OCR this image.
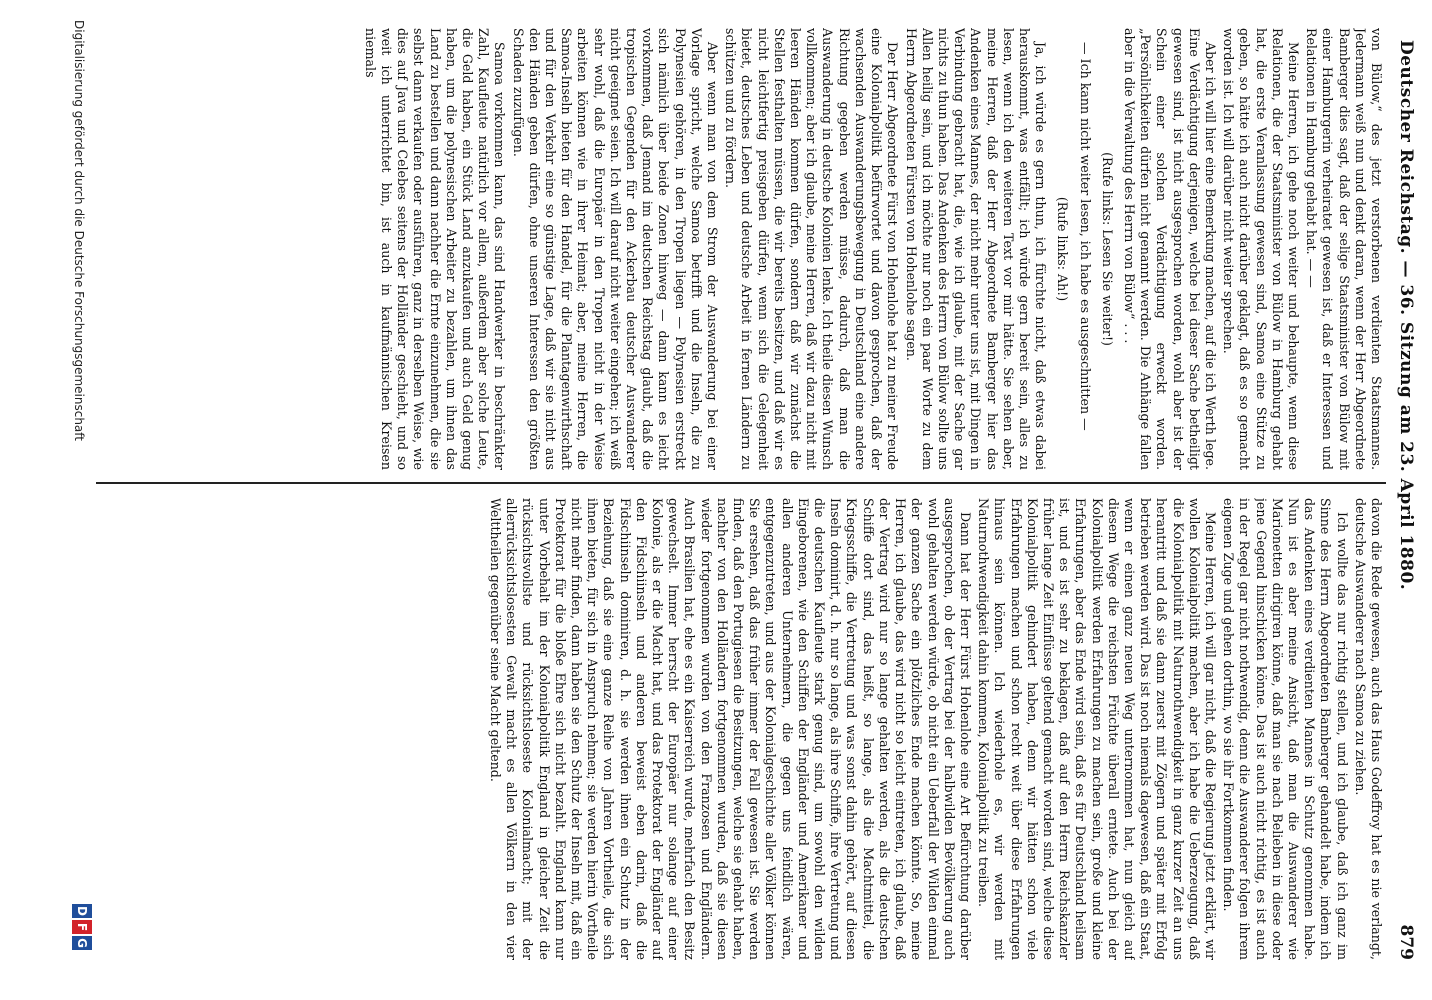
Deutscher Reichstag. — 36. Sitzung am 23. April 1880.
879

von Bülow,“ des jetzt verstorbenen verdienten Staatsmannes. Jedermann weiß nun und denkt daran, wenn der Herr Abgeordnete Bamberger dies sagt, daß der selige Staatsminister von Bülow mit einer Hamburgerin verheiratet gewesen ist, daß er Interessen und Relationen in Hamburg gehabt hat. — —

Meine Herren, ich gehe noch weiter und behaupte, wenn diese Relationen, die der Staatsminister von Bülow in Hamburg gehabt hat, die erste Veranlassung gewesen sind, Samoa eine Stütze zu geben, so hätte ich auch nicht darüber geklagt, daß es so gemacht worden ist. Ich will darüber nicht weiter sprechen.

Aber ich will hier eine Bemerkung machen, auf die ich Werth lege. Eine Verdächtigung derjenigen, welche bei dieser Sache betheiligt gewesen sind, ist nicht ausgesprochen worden, wohl aber ist der Schein einer solchen Verdächtigung erweckt worden. „Persönlichkeiten dürfen nicht genannt werden. Die Anhänge fallen aber in die Verwaltung des Herrn von Bülow“ . . .

(Rufe links: Lesen Sie weiter!)

— Ich kann nicht weiter lesen, ich habe es ausgeschnitten —

(Rufe links: Ah!)

Ja, ich würde es gern thun, ich fürchte nicht, daß etwas dabei herauskommt, was entfällt; ich würde gern bereit sein, alles zu lesen, wenn ich den weiteren Text vor mir hätte. Sie sehen aber, meine Herren, daß der Herr Abgeordnete Bamberger hier das Andenken eines Mannes, der nicht mehr unter uns ist, mit Dingen in Verbindung gebracht hat, die, wie ich glaube, mit der Sache gar nichts zu thun haben. Das Andenken des Herrn von Bülow sollte uns Allen heilig sein, und ich möchte nur noch ein paar Worte zu dem Herrn Abgeordneten Fürsten von Hohenlohe sagen.

Der Herr Abgeordnete Fürst von Hohenlohe hat zu meiner Freude eine Kolonialpolitik befürwortet und davon gesprochen, daß der wachsenden Auswanderungsbewegung in Deutschland eine andere Richtung gegeben werden müsse, dadurch, daß man die Auswanderung in deutsche Kolonien lenke. Ich theile diesen Wunsch vollkommen; aber ich glaube, meine Herren, daß wir dazu nicht mit leeren Händen kommen dürfen, sondern daß wir zunächst die Stellen festhalten müssen, die wir bereits besitzen, und daß wir es nicht leichtfertig preisgeben dürfen, wenn sich die Gelegenheit bietet, deutsches Leben und deutsche Arbeit in fernen Ländern zu schützen und zu fördern.

Aber wenn man von dem Strom der Auswanderung bei einer Vorlage spricht, welche Samoa betrifft und die Inseln, die zu Polynesien gehören, in den Tropen liegen — Polynesien erstreckt sich nämlich über beide Zonen hinweg — dann kann es leicht vorkommen, daß Jemand im deutschen Reichstag glaubt, daß die tropischen Gegenden für den Ackerbau deutscher Auswanderer nicht geeignet seien. Ich will darauf nicht weiter eingehen; ich weiß sehr wohl, daß die Europäer in den Tropen nicht in der Weise arbeiten können wie in ihrer Heimat; aber, meine Herren, die Samoa-Inseln bieten für den Handel, für die Plantagenwirthschaft und für den Verkehr eine so günstige Lage, daß wir sie nicht aus den Händen geben dürfen, ohne unseren Interessen den größten Schaden zuzufügen.

Samoa vorkommen kann, das sind Handwerker in beschränkter Zahl, Kaufleute natürlich vor allem, außerdem aber solche Leute, die Geld haben, ein Stück Land anzukaufen und auch Geld genug haben, um die polynesischen Arbeiter zu bezahlen, um ihnen das Land zu bestellen und dann nachher die Ernte einzunehmen, die sie selbst dann verkaufen oder ausführen, ganz in derselben Weise, wie dies auf Java und Celebes seitens der Holländer geschieht, und so weit ich unterrichtet bin, ist auch in kaufmännischen Kreisen niemals

davon die Rede gewesen, auch das Haus Godeffroy hat es nie verlangt, deutsche Auswanderer nach Samoa zu ziehen.

Ich wollte das nur richtig stellen, und ich glaube, daß ich ganz im Sinne des Herrn Abgeordneten Bamberger gehandelt habe, indem ich das Andenken eines verdienten Mannes in Schutz genommen habe. Nun ist es aber meine Ansicht, daß man die Auswanderer wie Marionetten dirigiren könne, daß man sie nach Belieben in diese oder jene Gegend hinschicken könne. Das ist auch nicht richtig, es ist auch in der Regel gar nicht nothwendig, denn die Auswanderer folgen ihrem eigenen Zuge und gehen dorthin, wo sie ihr Fortkommen finden.

Meine Herren, ich will gar nicht, daß die Regierung jetzt erklärt, wir wollen Kolonialpolitik machen, aber ich habe die Ueberzeugung, daß die Kolonialpolitik mit Naturnothwendigkeit in ganz kurzer Zeit an uns herantritt und daß sie dann zuerst mit Zögern und später mit Erfolg betrieben werden wird. Das ist noch niemals dagewesen, daß ein Staat, wenn er einen ganz neuen Weg unternommen hat, nun gleich auf diesem Wege die reichsten Früchte überall erntete. Auch bei der Kolonialpolitik werden Erfahrungen zu machen sein, große und kleine Erfahrungen, aber das Ende wird sein, daß es für Deutschland heilsam ist, und es ist sehr zu beklagen, daß auf den Herrn Reichskanzler früher lange Zeit Einflüsse geltend gemacht worden sind, welche diese Kolonialpolitik gehindert haben, denn wir hätten schon viele Erfahrungen machen und schon recht weit über diese Erfahrungen hinaus sein können. Ich wiederhole es, wir werden mit Naturnothwendigkeit dahin kommen, Kolonialpolitik zu treiben.

Dann hat der Herr Fürst Hohenlohe eine Art Befürchtung darüber ausgesprochen, ob der Vertrag bei der halbwilden Bevölkerung auch wohl gehalten werden würde, ob nicht ein Ueberfall der Wilden einmal der ganzen Sache ein plötzliches Ende machen könnte. So, meine Herren, ich glaube, das wird nicht so leicht eintreten, ich glaube, daß der Vertrag wird nur so lange gehalten werden, als die deutschen Schiffe dort sind, das heißt, so lange, als die Machtmittel, die Kriegsschiffe, die Vertretung und was sonst dahin gehört, auf diesen Inseln dominirt, d. h. nur so lange, als ihre Schiffe, ihre Vertretung und die deutschen Kaufleute stark genug sind, um sowohl den wilden Eingeborenen, wie den Schiffen der Engländer und Amerikaner und allen anderen Unternehmern, die gegen uns feindlich wären, entgegenzutreten, und aus der Kolonialgeschichte aller Völker können Sie ersehen, daß das früher immer der Fall gewesen ist. Sie werden finden, daß den Portugiesen die Besitzungen, welche sie gehabt haben, nachher von den Holländern fortgenommen wurden, daß sie diesen wieder fortgenommen wurden von den Franzosen und Engländern. Auch Brasilien hat, ehe es ein Kaiserreich wurde, mehrfach den Besitz gewechselt. Immer herrscht der Europäer nur solange auf einer Kolonie, als er die Macht hat, und das Protektorat der Engländer auf den Fidschiinseln und anderen beweist eben darin, daß die Fidschiinseln dominiren, d. h. sie werden ihnen ein Schutz in der Beziehung, daß sie eine ganze Reihe von Jahren Vortheile, die sich ihnen bieten, für sich in Anspruch nehmen; sie werden hierin Vortheile nicht mehr finden, dann haben sie den Schutz der Inseln mit, daß ein Protektorat für die bloße Ehre sich nicht bezahlt. England kann nur unter Vorbehalt im der Kolonialpolitik England in gleicher Zeit die rücksichtsvollste und rücksichtsloseste Kolonialmacht; mit der allerrücksichtslosesten Gewalt macht es allen Völkern in den vier Welttheilen gegenüber seine Macht geltend.

Digitalisierung gefördert durch die Deutsche Forschungsgemeinschaft
D
F
G
